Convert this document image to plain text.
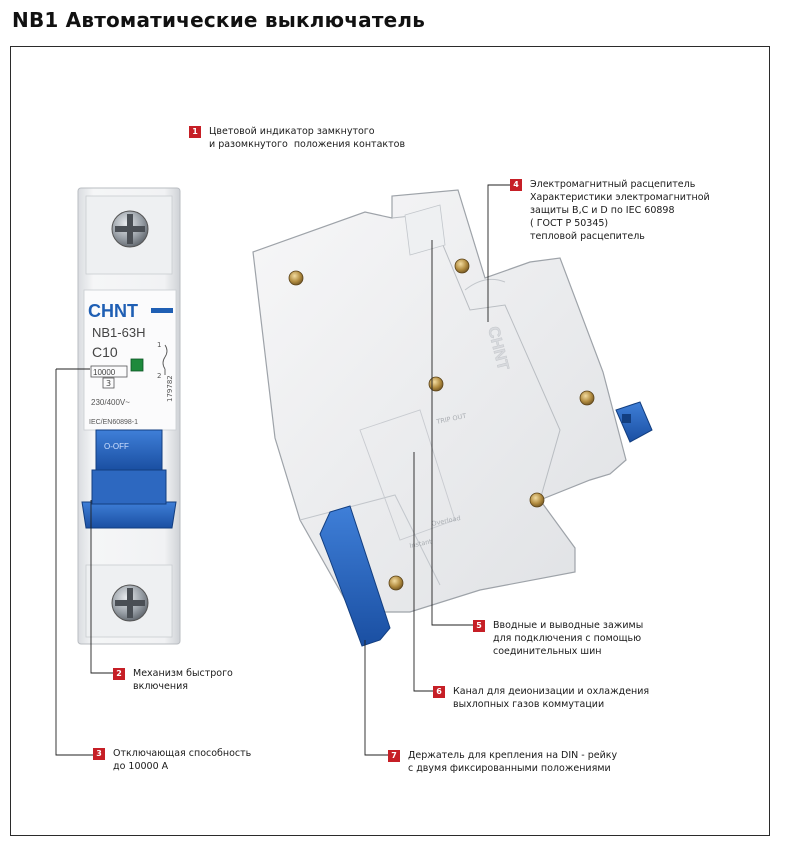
NB1 Автоматические выключатель
CHNT
NB1-63H
C10	1
2
10000
3
230/400V~
IEC/EN60898-1
179782
O-OFF
CHNT
TRIP OUT
Overload
Instant
1	Цветовой индикатор замкнутого
и разомкнутого  положения контактов
4	Электромагнитный расцепитель
Характеристики электромагнитной
защиты B,C и D по IEC 60898
( ГОСТ Р 50345)
тепловой расцепитель
5	Вводные и выводные зажимы
для подключения с помощью
соединительных шин
2	Механизм быстрого
включения	6	Канал для деионизации и охлаждения
выхлопных газов коммутации
3	Отключающая способность
до 10000 А
7	Держатель для крепления на DIN - рейку
с двумя фиксированными положениями
